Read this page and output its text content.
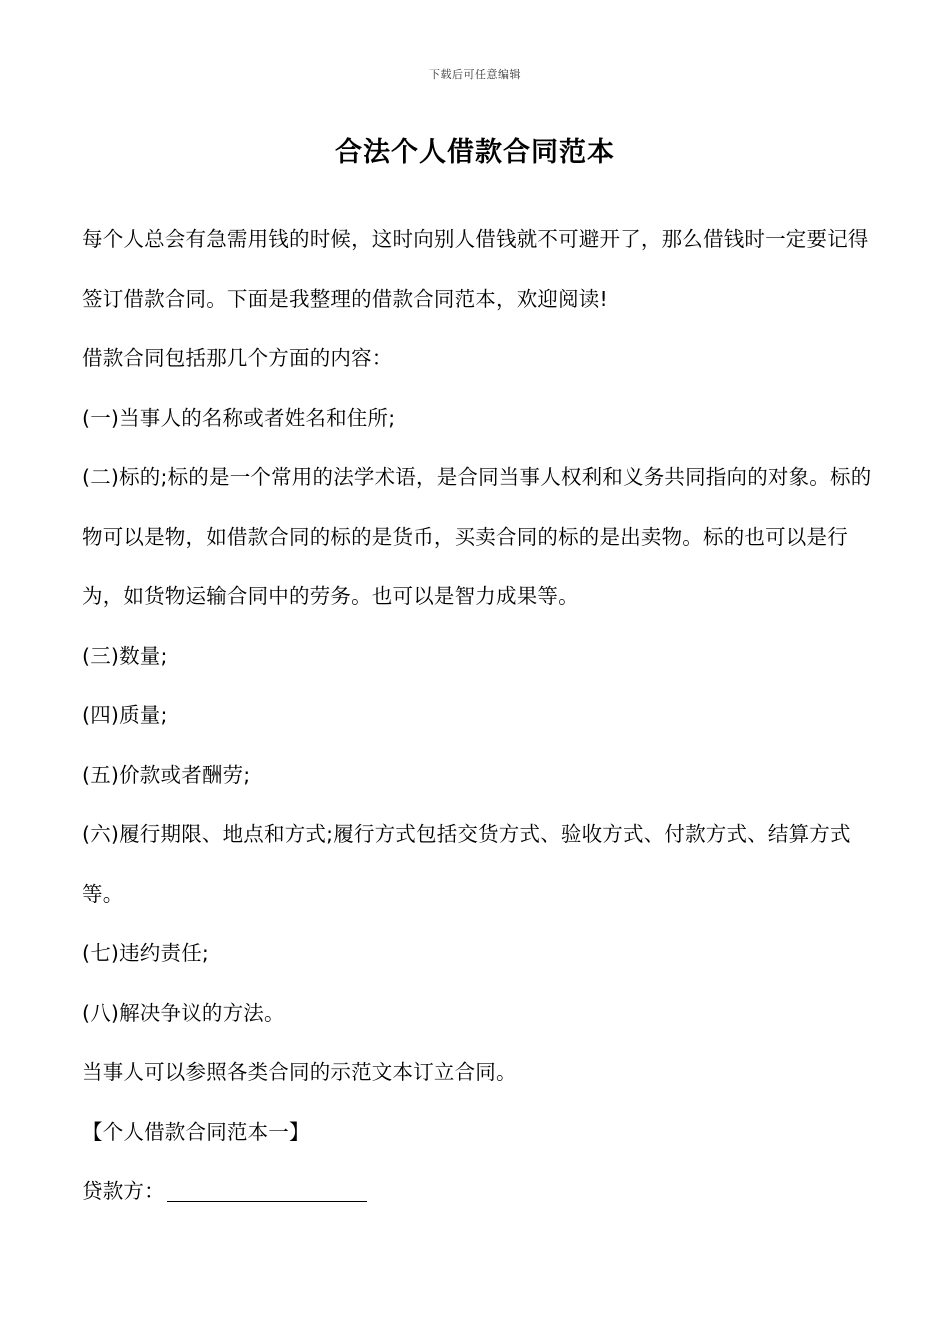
下载后可任意编辑
合法个人借款合同范本

每个人总会有急需用钱的时候，这时向别人借钱就不可避开了，那么借钱时一定要记得签订借款合同。下面是我整理的借款合同范本，欢迎阅读!

借款合同包括那几个方面的内容：

(一)当事人的名称或者姓名和住所;

(二)标的;标的是一个常用的法学术语，是合同当事人权利和义务共同指向的对象。标的物可以是物，如借款合同的标的是货币，买卖合同的标的是出卖物。标的也可以是行为，如货物运输合同中的劳务。也可以是智力成果等。

(三)数量;

(四)质量;

(五)价款或者酬劳;

(六)履行期限、地点和方式;履行方式包括交货方式、验收方式、付款方式、结算方式等。

(七)违约责任;

(八)解决争议的方法。

当事人可以参照各类合同的示范文本订立合同。

【个人借款合同范本一】

贷款方：
